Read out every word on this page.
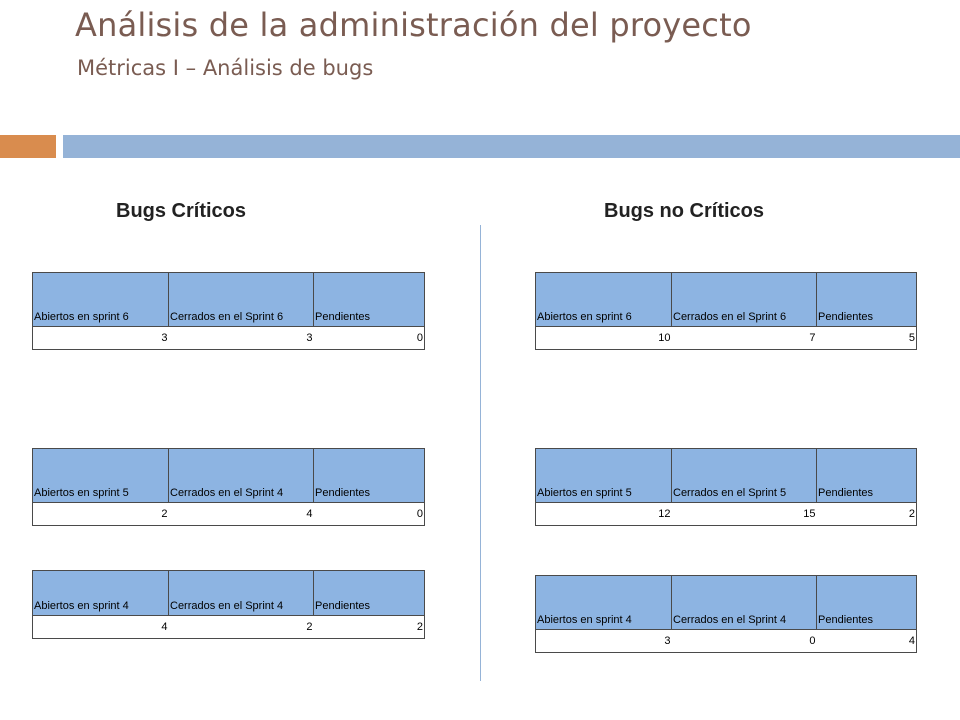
Análisis de la administración del proyecto
Métricas I – Análisis de bugs
Bugs Críticos	Bugs no Críticos
Abiertos en sprint 6	Cerrados en el Sprint 6	Pendientes
3	3	0
Abiertos en sprint 5	Cerrados en el Sprint 4	Pendientes
2	4	0
Abiertos en sprint 4	Cerrados en el Sprint 4	Pendientes
4	2	2
Abiertos en sprint 6	Cerrados en el Sprint 6	Pendientes
10	7	5
Abiertos en sprint 5	Cerrados en el Sprint 5	Pendientes
12	15	2
Abiertos en sprint 4	Cerrados en el Sprint 4	Pendientes
3	0	4
